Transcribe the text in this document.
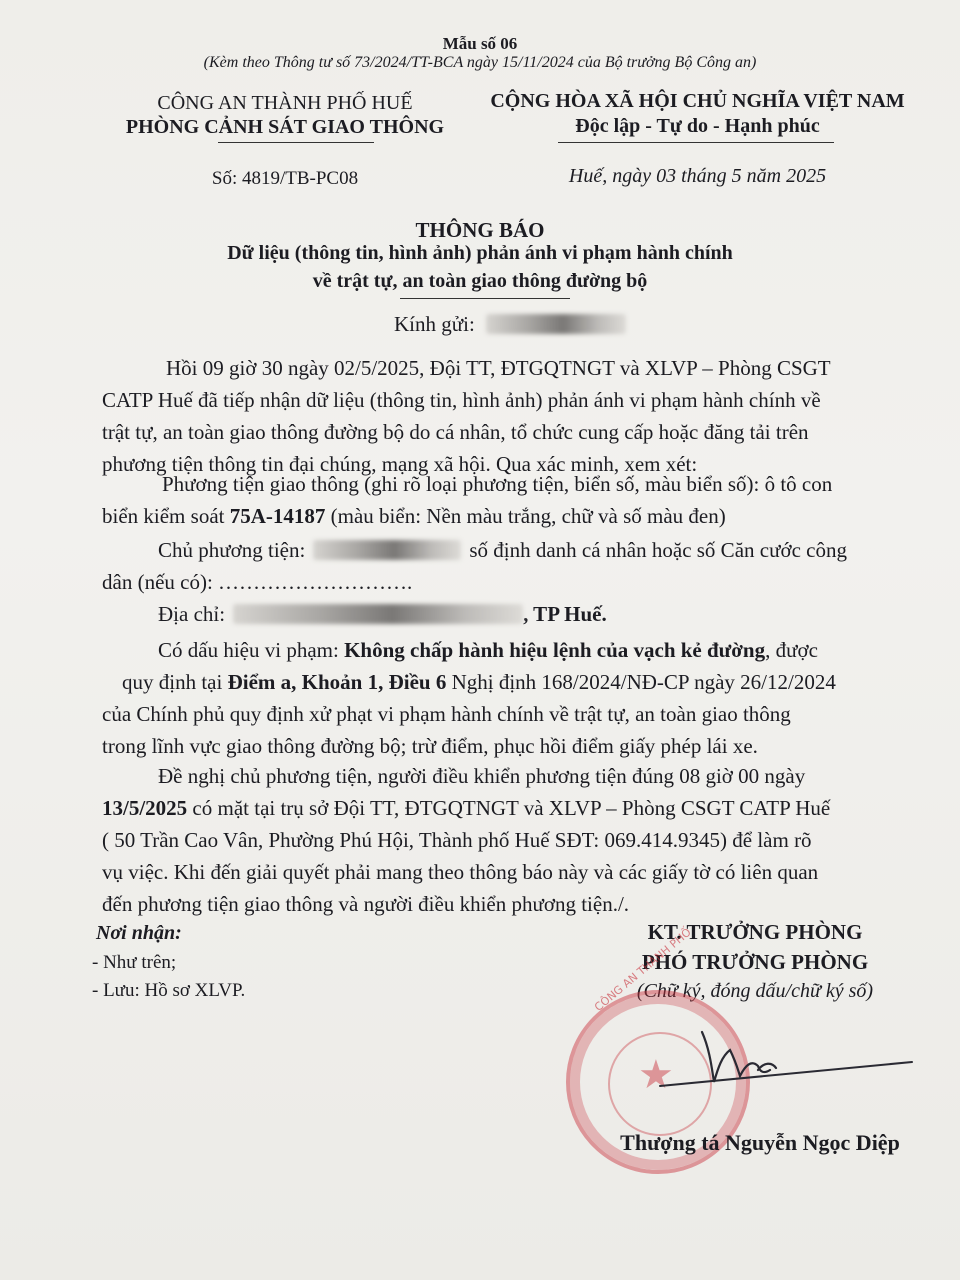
Mẫu số 06
(Kèm theo Thông tư số 73/2024/TT-BCA ngày 15/11/2024 của Bộ trưởng Bộ Công an)
CÔNG AN THÀNH PHỐ HUẾ
PHÒNG CẢNH SÁT GIAO THÔNG
Số: 4819/TB-PC08
CỘNG HÒA XÃ HỘI CHỦ NGHĨA VIỆT NAM
Độc lập - Tự do - Hạnh phúc
Huế, ngày 03 tháng 5 năm 2025
THÔNG BÁO
Dữ liệu (thông tin, hình ảnh) phản ánh vi phạm hành chính
về trật tự, an toàn giao thông đường bộ
Kính gửi:
Hồi 09 giờ 30 ngày 02/5/2025, Đội TT, ĐTGQTNGT và XLVP – Phòng CSGT
CATP Huế đã tiếp nhận dữ liệu (thông tin, hình ảnh) phản ánh vi phạm hành chính về
trật tự, an toàn giao thông đường bộ do cá nhân, tổ chức cung cấp hoặc đăng tải trên
phương tiện thông tin đại chúng, mạng xã hội. Qua xác minh, xem xét:
Phương tiện giao thông (ghi rõ loại phương tiện, biển số, màu biển số): ô tô con
biển kiểm soát 75A-14187 (màu biển: Nền màu trắng, chữ và số màu đen)
Chủ phương tiện:	số định danh cá nhân hoặc số Căn cước công
dân (nếu có): ……………………….
Địa chỉ:	, TP Huế.
Có dấu hiệu vi phạm: Không chấp hành hiệu lệnh của vạch kẻ đường, được
quy định tại Điểm a, Khoản 1, Điều 6 Nghị định 168/2024/NĐ-CP ngày 26/12/2024
của Chính phủ quy định xử phạt vi phạm hành chính về trật tự, an toàn giao thông
trong lĩnh vực giao thông đường bộ; trừ điểm, phục hồi điểm giấy phép lái xe.
Đề nghị chủ phương tiện, người điều khiển phương tiện đúng 08 giờ 00 ngày
13/5/2025 có mặt tại trụ sở Đội TT, ĐTGQTNGT và XLVP – Phòng CSGT CATP Huế
( 50 Trần Cao Vân, Phường Phú Hội, Thành phố Huế SĐT: 069.414.9345) để làm rõ
vụ việc. Khi đến giải quyết phải mang theo thông báo này và các giấy tờ có liên quan
đến phương tiện giao thông và người điều khiển phương tiện./.
Nơi nhận:
- Như trên;
- Lưu: Hồ sơ XLVP.
KT. TRƯỞNG PHÒNG
PHÓ TRƯỞNG PHÒNG
(Chữ ký, đóng dấu/chữ ký số)
★
CÔNG AN THÀNH PHỐ
Thượng tá Nguyễn Ngọc Diệp
